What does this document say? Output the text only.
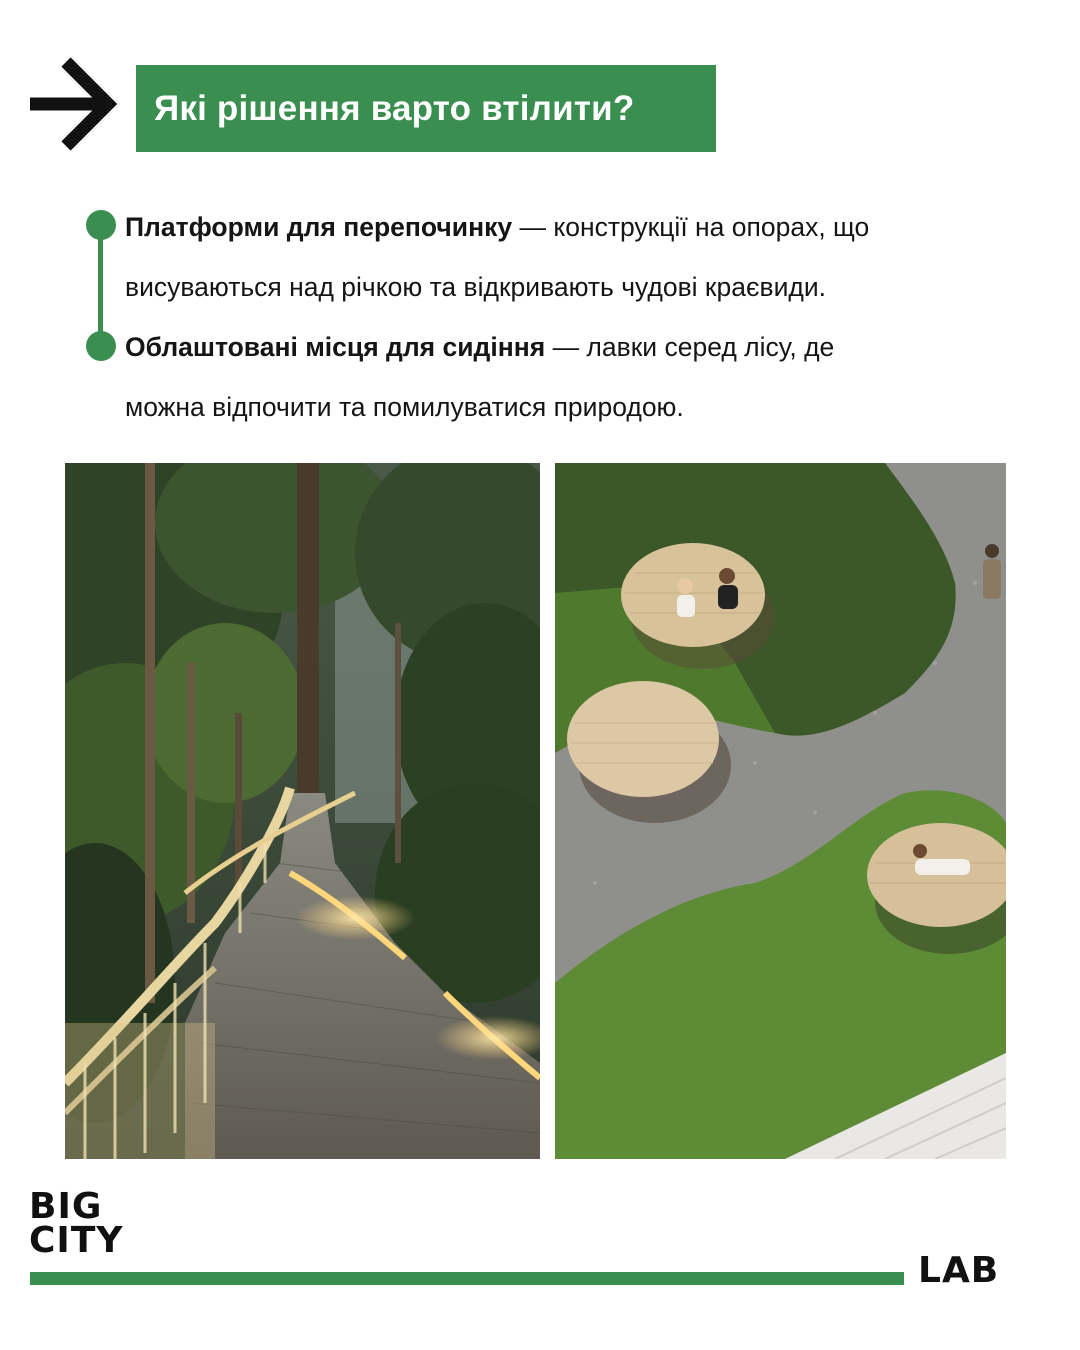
Які рішення варто втілити?
Платформи для перепочинку — конструкції на опорах, що
висуваються над річкою та відкривають чудові краєвиди.
Облаштовані місця для сидіння — лавки серед лісу, де
можна відпочити та помилуватися природою.
BIG
CITY
LAB
